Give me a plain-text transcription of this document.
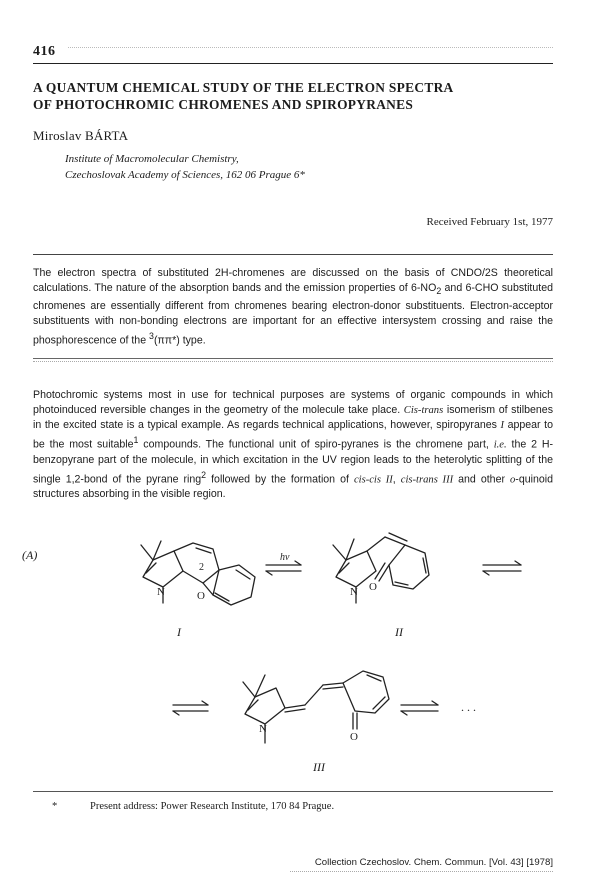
416
A QUANTUM CHEMICAL STUDY OF THE ELECTRON SPECTRA
OF PHOTOCHROMIC CHROMENES AND SPIROPYRANES
Miroslav BÁRTA
Institute of Macromolecular Chemistry,
Czechoslovak Academy of Sciences, 162 06 Prague 6*
Received February 1st, 1977

The electron spectra of substituted 2H-chromenes are discussed on the basis of CNDO/2S theoretical calculations. The nature of the absorption bands and the emission properties of $6-NO_2$ and 6-CHO substituted chromenes are essentially different from chromenes bearing electron-donor substituents. Electron-acceptor substituents with non-bonding electrons are important for an effective intersystem crossing and raise the phosphorescence of the $^3$(ππ*) type.

Photochromic systems most in use for technical purposes are systems of organic compounds in which photoinduced reversible changes in the geometry of the molecule take place. Cis-trans isomerism of stilbenes in the excited state is a typical example. As regards technical applications, however, spiropyranes I appear to be the most suitable$^1$ compounds. The functional unit of spiro-pyranes is the chromene part, i.e. the 2 H-benzopyrane part of the molecule, in which excitation in the UV region leads to the heterolytic splitting of the single 1,2-bond of the pyrane ring$^2$ followed by the formation of cis-cis II, cis-trans III and other o-quinoid structures absorbing in the visible region.

(A)
2
O
N
hν
N O
N
O
. . .
I	II
III
*	Present address: Power Research Institute, 170 84 Prague.
Collection Czechoslov. Chem. Commun. [Vol. 43] [1978]
